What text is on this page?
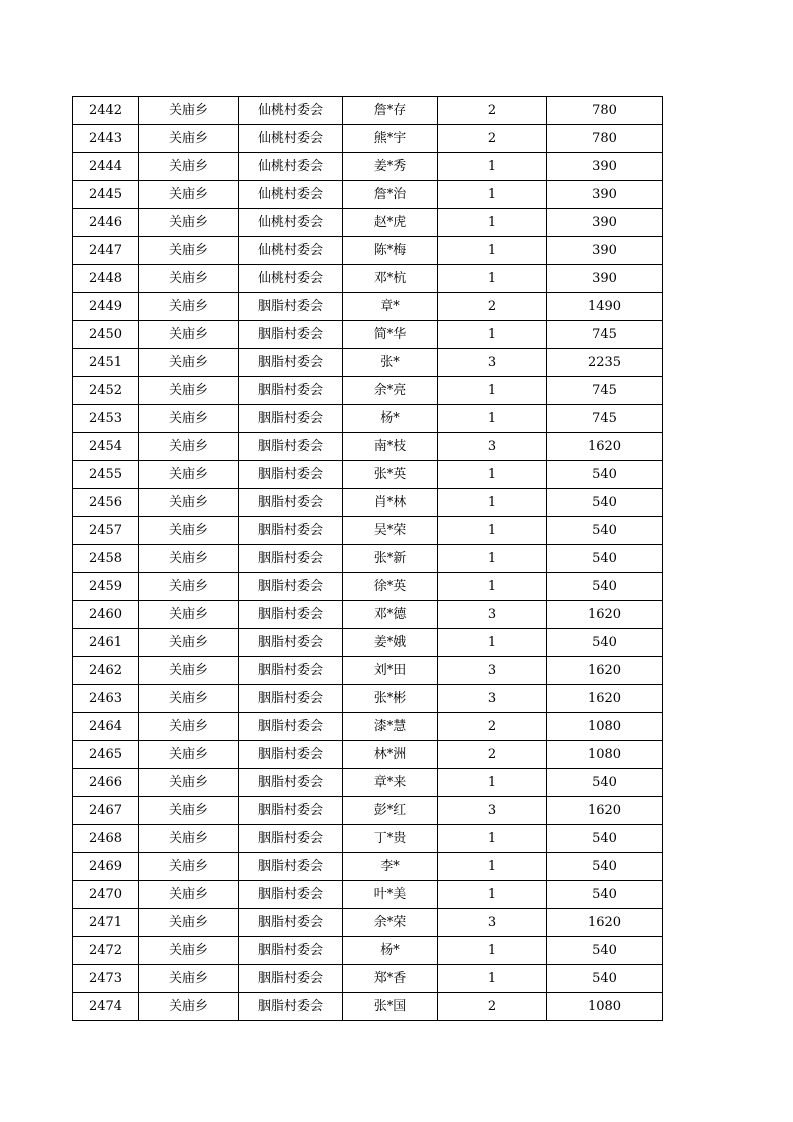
2442	关庙乡	仙桃村委会	詹*存	2	780
2443	关庙乡	仙桃村委会	熊*宇	2	780
2444	关庙乡	仙桃村委会	姜*秀	1	390
2445	关庙乡	仙桃村委会	詹*治	1	390
2446	关庙乡	仙桃村委会	赵*虎	1	390
2447	关庙乡	仙桃村委会	陈*梅	1	390
2448	关庙乡	仙桃村委会	邓*杭	1	390
2449	关庙乡	胭脂村委会	章*	2	1490
2450	关庙乡	胭脂村委会	简*华	1	745
2451	关庙乡	胭脂村委会	张*	3	2235
2452	关庙乡	胭脂村委会	余*亮	1	745
2453	关庙乡	胭脂村委会	杨*	1	745
2454	关庙乡	胭脂村委会	南*枝	3	1620
2455	关庙乡	胭脂村委会	张*英	1	540
2456	关庙乡	胭脂村委会	肖*林	1	540
2457	关庙乡	胭脂村委会	吴*荣	1	540
2458	关庙乡	胭脂村委会	张*新	1	540
2459	关庙乡	胭脂村委会	徐*英	1	540
2460	关庙乡	胭脂村委会	邓*德	3	1620
2461	关庙乡	胭脂村委会	姜*娥	1	540
2462	关庙乡	胭脂村委会	刘*田	3	1620
2463	关庙乡	胭脂村委会	张*彬	3	1620
2464	关庙乡	胭脂村委会	漆*慧	2	1080
2465	关庙乡	胭脂村委会	林*洲	2	1080
2466	关庙乡	胭脂村委会	章*来	1	540
2467	关庙乡	胭脂村委会	彭*红	3	1620
2468	关庙乡	胭脂村委会	丁*贵	1	540
2469	关庙乡	胭脂村委会	李*	1	540
2470	关庙乡	胭脂村委会	叶*美	1	540
2471	关庙乡	胭脂村委会	余*荣	3	1620
2472	关庙乡	胭脂村委会	杨*	1	540
2473	关庙乡	胭脂村委会	郑*香	1	540
2474	关庙乡	胭脂村委会	张*国	2	1080
